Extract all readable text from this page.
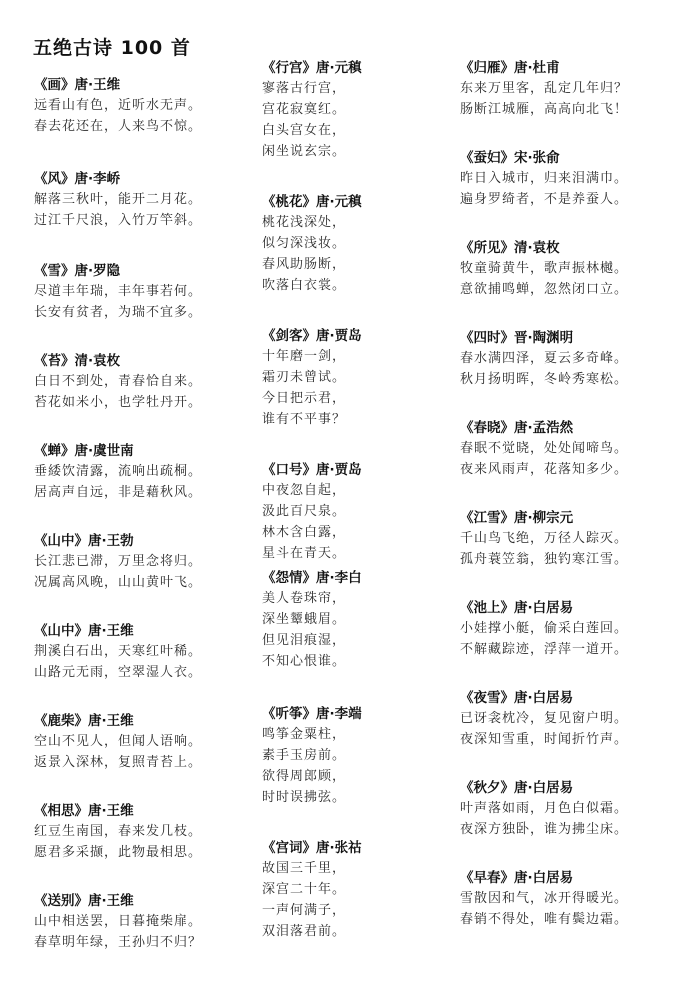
五绝古诗 100 首
《画》唐·王维
远看山有色，近听水无声。
春去花还在，人来鸟不惊。
《风》唐·李峤
解落三秋叶，能开二月花。
过江千尺浪，入竹万竿斜。
《雪》唐·罗隐
尽道丰年瑞，丰年事若何。
长安有贫者，为瑞不宜多。
《苔》清·袁枚
白日不到处，青春恰自来。
苔花如米小，也学牡丹开。
《蝉》唐·虞世南
垂緌饮清露，流响出疏桐。
居高声自远，非是藉秋风。
《山中》唐·王勃
长江悲已滞，万里念将归。
况属高风晚，山山黄叶飞。
《山中》唐·王维
荆溪白石出，天寒红叶稀。
山路元无雨，空翠湿人衣。
《鹿柴》唐·王维
空山不见人，但闻人语响。
返景入深林，复照青苔上。
《相思》唐·王维
红豆生南国，春来发几枝。
愿君多采撷，此物最相思。
《送别》唐·王维
山中相送罢，日暮掩柴扉。
春草明年绿，王孙归不归？
《行宫》唐·元稹
寥落古行宫，
宫花寂寞红。
白头宫女在，
闲坐说玄宗。
《桃花》唐·元稹
桃花浅深处，
似匀深浅妆。
春风助肠断，
吹落白衣裳。
《剑客》唐·贾岛
十年磨一剑，
霜刃未曾试。
今日把示君，
谁有不平事？
《口号》唐·贾岛
中夜忽自起，
汲此百尺泉。
林木含白露，
星斗在青天。
《怨情》唐·李白
美人卷珠帘，
深坐颦蛾眉。
但见泪痕湿，
不知心恨谁。
《听筝》唐·李端
鸣筝金粟柱，
素手玉房前。
欲得周郎顾，
时时误拂弦。
《宫词》唐·张祜
故国三千里，
深宫二十年。
一声何满子，
双泪落君前。
《归雁》唐·杜甫
东来万里客，乱定几年归？
肠断江城雁，高高向北飞！
《蚕妇》宋·张俞
昨日入城市，归来泪满巾。
遍身罗绮者，不是养蚕人。
《所见》清·袁枚
牧童骑黄牛，歌声振林樾。
意欲捕鸣蝉，忽然闭口立。
《四时》晋·陶渊明
春水满四泽，夏云多奇峰。
秋月扬明晖，冬岭秀寒松。
《春晓》唐·孟浩然
春眠不觉晓，处处闻啼鸟。
夜来风雨声，花落知多少。
《江雪》唐·柳宗元
千山鸟飞绝，万径人踪灭。
孤舟蓑笠翁，独钓寒江雪。
《池上》唐·白居易
小娃撑小艇，偷采白莲回。
不解藏踪迹，浮萍一道开。
《夜雪》唐·白居易
已讶衾枕冷，复见窗户明。
夜深知雪重，时闻折竹声。
《秋夕》唐·白居易
叶声落如雨，月色白似霜。
夜深方独卧，谁为拂尘床。
《早春》唐·白居易
雪散因和气，冰开得暖光。
春销不得处，唯有鬓边霜。
